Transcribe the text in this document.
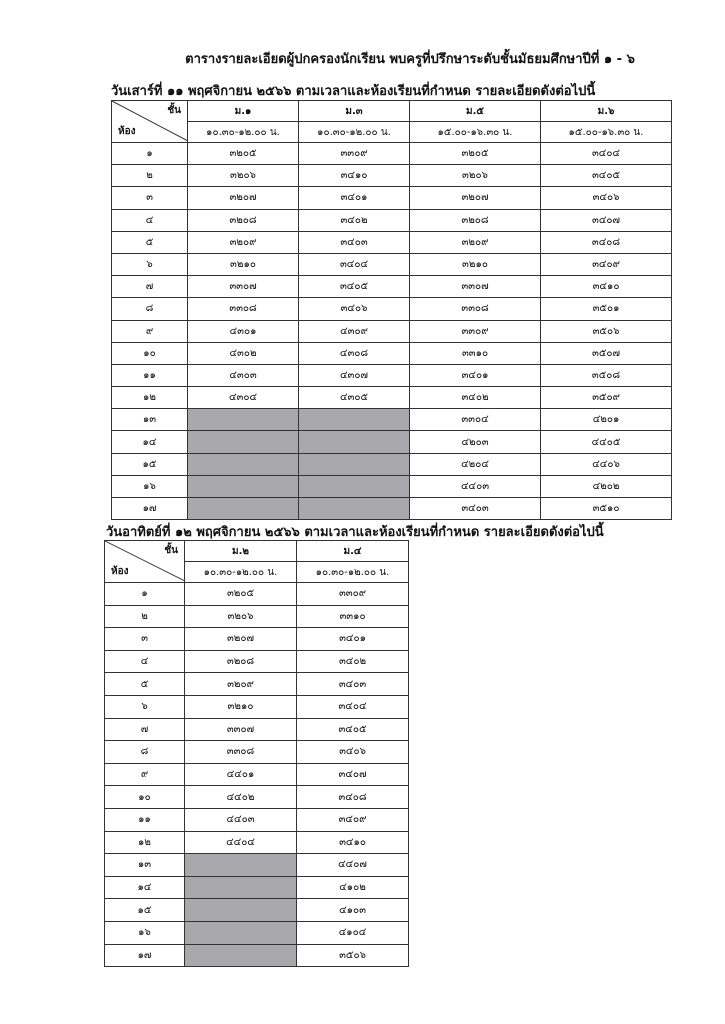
ตารางรายละเอียดผู้ปกครองนักเรียน พบครูที่ปรึกษาระดับชั้นมัธยมศึกษาปีที่ ๑ - ๖
วันเสาร์ที่ ๑๑ พฤศจิกายน ๒๕๖๖ ตามเวลาและห้องเรียนที่กำหนด รายละเอียดดังต่อไปนี้
ชั้น
ห้อง	ม.๑	ม.๓	ม.๕	ม.๖
	๑๐.๓๐-๑๒.๐๐ น.	๑๐.๓๐-๑๒.๐๐ น.	๑๕.๐๐-๑๖.๓๐ น.	๑๕.๐๐-๑๖.๓๐ น.
๑	๓๒๐๕	๓๓๐๙	๓๒๐๕	๓๔๐๔
๒	๓๒๐๖	๓๔๑๐	๓๒๐๖	๓๔๐๕
๓	๓๒๐๗	๓๔๐๑	๓๒๐๗	๓๔๐๖
๔	๓๒๐๘	๓๔๐๒	๓๒๐๘	๓๔๐๗
๕	๓๒๐๙	๓๔๐๓	๓๒๐๙	๓๔๐๘
๖	๓๒๑๐	๓๔๐๔	๓๒๑๐	๓๔๐๙
๗	๓๓๐๗	๓๔๐๕	๓๓๐๗	๓๔๑๐
๘	๓๓๐๘	๓๔๐๖	๓๓๐๘	๓๕๐๑
๙	๔๓๐๑	๔๓๐๙	๓๓๐๙	๓๕๐๖
๑๐	๔๓๐๒	๔๓๐๘	๓๓๑๐	๓๕๐๗
๑๑	๔๓๐๓	๔๓๐๗	๓๔๐๑	๓๕๐๘
๑๒	๔๓๐๔	๔๓๐๕	๓๔๐๒	๓๕๐๙
๑๓			๓๓๐๔	๔๒๐๑
๑๔			๔๒๐๓	๔๔๐๕
๑๕			๔๒๐๔	๔๔๐๖
๑๖			๔๔๐๓	๔๒๐๒
๑๗			๓๔๐๓	๓๕๑๐
วันอาทิตย์ที่ ๑๒ พฤศจิกายน ๒๕๖๖ ตามเวลาและห้องเรียนที่กำหนด รายละเอียดดังต่อไปนี้
ชั้น
ห้อง	ม.๒	ม.๔
	๑๐.๓๐-๑๒.๐๐ น.	๑๐.๓๐-๑๒.๐๐ น.
๑	๓๒๐๕	๓๓๐๙
๒	๓๒๐๖	๓๓๑๐
๓	๓๒๐๗	๓๔๐๑
๔	๓๒๐๘	๓๔๐๒
๕	๓๒๐๙	๓๔๐๓
๖	๓๒๑๐	๓๔๐๔
๗	๓๓๐๗	๓๔๐๕
๘	๓๓๐๘	๓๔๐๖
๙	๔๔๐๑	๓๔๐๗
๑๐	๔๔๐๒	๓๔๐๘
๑๑	๔๔๐๓	๓๔๐๙
๑๒	๔๔๐๔	๓๔๑๐
๑๓		๔๔๐๗
๑๔		๔๑๐๒
๑๕		๔๑๐๓
๑๖		๔๑๐๔
๑๗		๓๕๐๖
